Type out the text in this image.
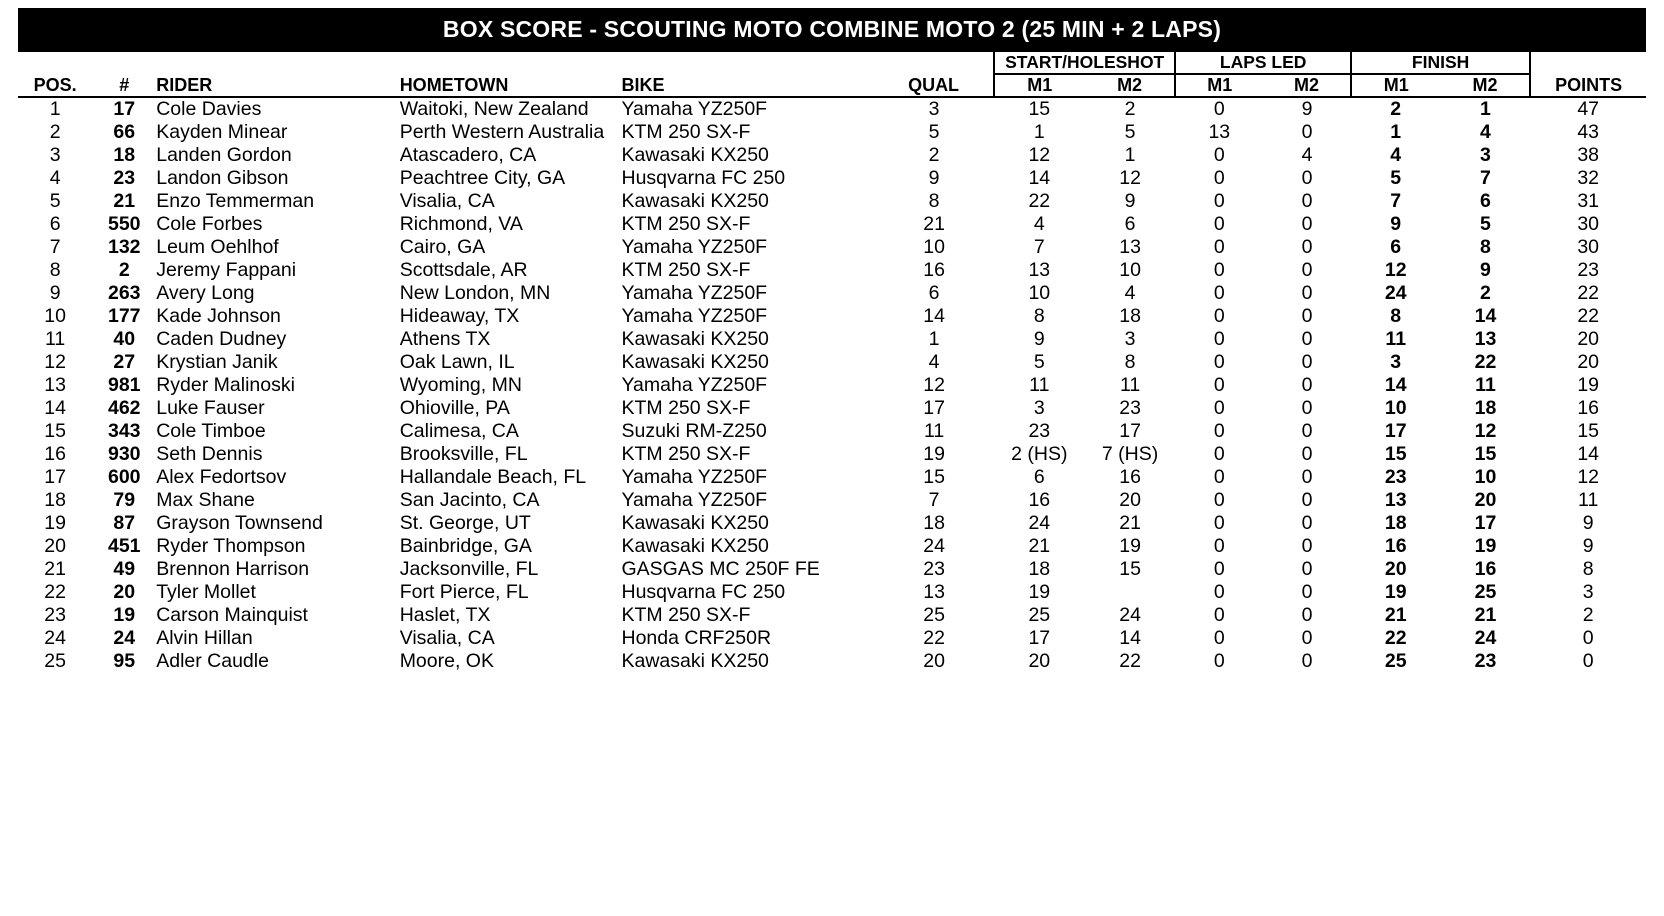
BOX SCORE - SCOUTING MOTO COMBINE MOTO 2 (25 MIN + 2 LAPS)
						START/HOLESHOT		LAPS LED		FINISH		
POS.	#	RIDER	HOMETOWN	BIKE	QUAL	M1	M2	M1	M2	M1	M2	POINTS
1	17	Cole Davies	Waitoki, New Zealand	Yamaha YZ250F	3	15	2	0	9	2	1	47
2	66	Kayden Minear	Perth Western Australia	KTM 250 SX-F	5	1	5	13	0	1	4	43
3	18	Landen Gordon	Atascadero, CA	Kawasaki KX250	2	12	1	0	4	4	3	38
4	23	Landon Gibson	Peachtree City, GA	Husqvarna FC 250	9	14	12	0	0	5	7	32
5	21	Enzo Temmerman	Visalia, CA	Kawasaki KX250	8	22	9	0	0	7	6	31
6	550	Cole Forbes	Richmond, VA	KTM 250 SX-F	21	4	6	0	0	9	5	30
7	132	Leum Oehlhof	Cairo, GA	Yamaha YZ250F	10	7	13	0	0	6	8	30
8	2	Jeremy Fappani	Scottsdale, AR	KTM 250 SX-F	16	13	10	0	0	12	9	23
9	263	Avery Long	New London, MN	Yamaha YZ250F	6	10	4	0	0	24	2	22
10	177	Kade Johnson	Hideaway, TX	Yamaha YZ250F	14	8	18	0	0	8	14	22
11	40	Caden Dudney	Athens TX	Kawasaki KX250	1	9	3	0	0	11	13	20
12	27	Krystian Janik	Oak Lawn, IL	Kawasaki KX250	4	5	8	0	0	3	22	20
13	981	Ryder Malinoski	Wyoming, MN	Yamaha YZ250F	12	11	11	0	0	14	11	19
14	462	Luke Fauser	Ohioville, PA	KTM 250 SX-F	17	3	23	0	0	10	18	16
15	343	Cole Timboe	Calimesa, CA	Suzuki RM-Z250	11	23	17	0	0	17	12	15
16	930	Seth Dennis	Brooksville, FL	KTM 250 SX-F	19	2 (HS)	7 (HS)	0	0	15	15	14
17	600	Alex Fedortsov	Hallandale Beach, FL	Yamaha YZ250F	15	6	16	0	0	23	10	12
18	79	Max Shane	San Jacinto, CA	Yamaha YZ250F	7	16	20	0	0	13	20	11
19	87	Grayson Townsend	St. George, UT	Kawasaki KX250	18	24	21	0	0	18	17	9
20	451	Ryder Thompson	Bainbridge, GA	Kawasaki KX250	24	21	19	0	0	16	19	9
21	49	Brennon Harrison	Jacksonville, FL	GASGAS MC 250F FE	23	18	15	0	0	20	16	8
22	20	Tyler Mollet	Fort Pierce, FL	Husqvarna FC 250	13	19		0	0	19	25	3
23	19	Carson Mainquist	Haslet, TX	KTM 250 SX-F	25	25	24	0	0	21	21	2
24	24	Alvin Hillan	Visalia, CA	Honda CRF250R	22	17	14	0	0	22	24	0
25	95	Adler Caudle	Moore, OK	Kawasaki KX250	20	20	22	0	0	25	23	0
